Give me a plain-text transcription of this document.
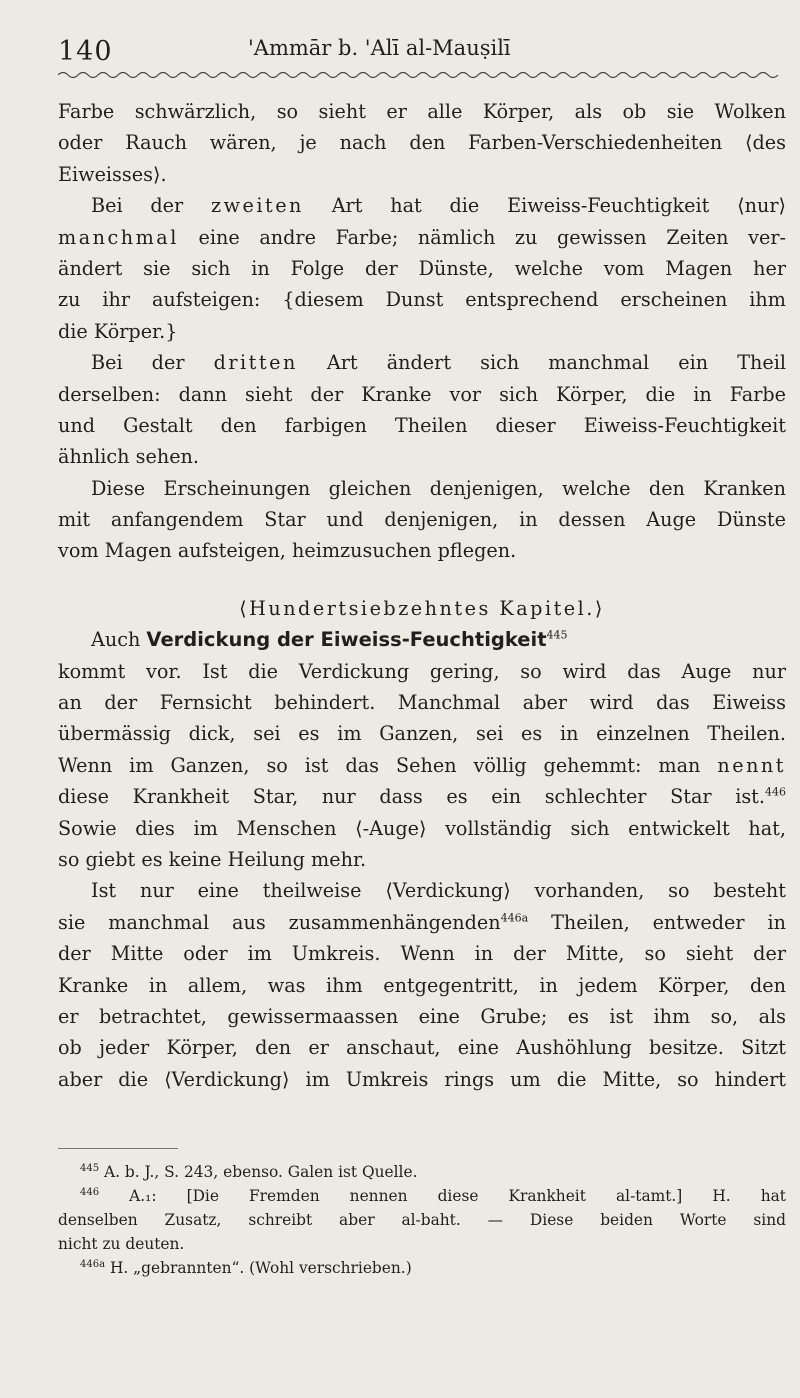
140	'Ammār b. 'Alī al-Mauṣilī
Farbe schwärzlich, so sieht er alle Körper, als ob sie Wolken
oder Rauch wären, je nach den Farben-Verschiedenheiten ⟨des
Eiweisses⟩.
Bei der zweiten Art hat die Eiweiss-Feuchtigkeit ⟨nur⟩
manchmal eine andre Farbe; nämlich zu gewissen Zeiten ver-
ändert sie sich in Folge der Dünste, welche vom Magen her
zu ihr aufsteigen: {diesem Dunst entsprechend erscheinen ihm
die Körper.}
Bei der dritten Art ändert sich manchmal ein Theil
derselben: dann sieht der Kranke vor sich Körper, die in Farbe
und Gestalt den farbigen Theilen dieser Eiweiss-Feuchtigkeit
ähnlich sehen.
Diese Erscheinungen gleichen denjenigen, welche den Kranken
mit anfangendem Star und denjenigen, in dessen Auge Dünste
vom Magen aufsteigen, heimzusuchen pflegen.
⟨Hundertsiebzehntes Kapitel.⟩
Auch Verdickung der Eiweiss-Feuchtigkeit$^{445}$
kommt vor. Ist die Verdickung gering, so wird das Auge nur
an der Fernsicht behindert. Manchmal aber wird das Eiweiss
übermässig dick, sei es im Ganzen, sei es in einzelnen Theilen.
Wenn im Ganzen, so ist das Sehen völlig gehemmt: man nennt
diese Krankheit Star, nur dass es ein schlechter Star ist.$^{446}$
Sowie dies im Menschen ⟨-Auge⟩ vollständig sich entwickelt hat,
so giebt es keine Heilung mehr.
Ist nur eine theilweise ⟨Verdickung⟩ vorhanden, so besteht
sie manchmal aus zusammenhängenden$^{446a}$ Theilen, entweder in
der Mitte oder im Umkreis. Wenn in der Mitte, so sieht der
Kranke in allem, was ihm entgegentritt, in jedem Körper, den
er betrachtet, gewissermaassen eine Grube; es ist ihm so, als
ob jeder Körper, den er anschaut, eine Aushöhlung besitze. Sitzt
aber die ⟨Verdickung⟩ im Umkreis rings um die Mitte, so hindert
$^{445}$ A. b. J., S. 243, ebenso. Galen ist Quelle.
$^{446}$ A.₁: [Die Fremden nennen diese Krankheit al-tamt.] H. hat
denselben Zusatz, schreibt aber al-baht. — Diese beiden Worte sind
nicht zu deuten.
$^{446a}$ H. „gebrannten“. (Wohl verschrieben.)
